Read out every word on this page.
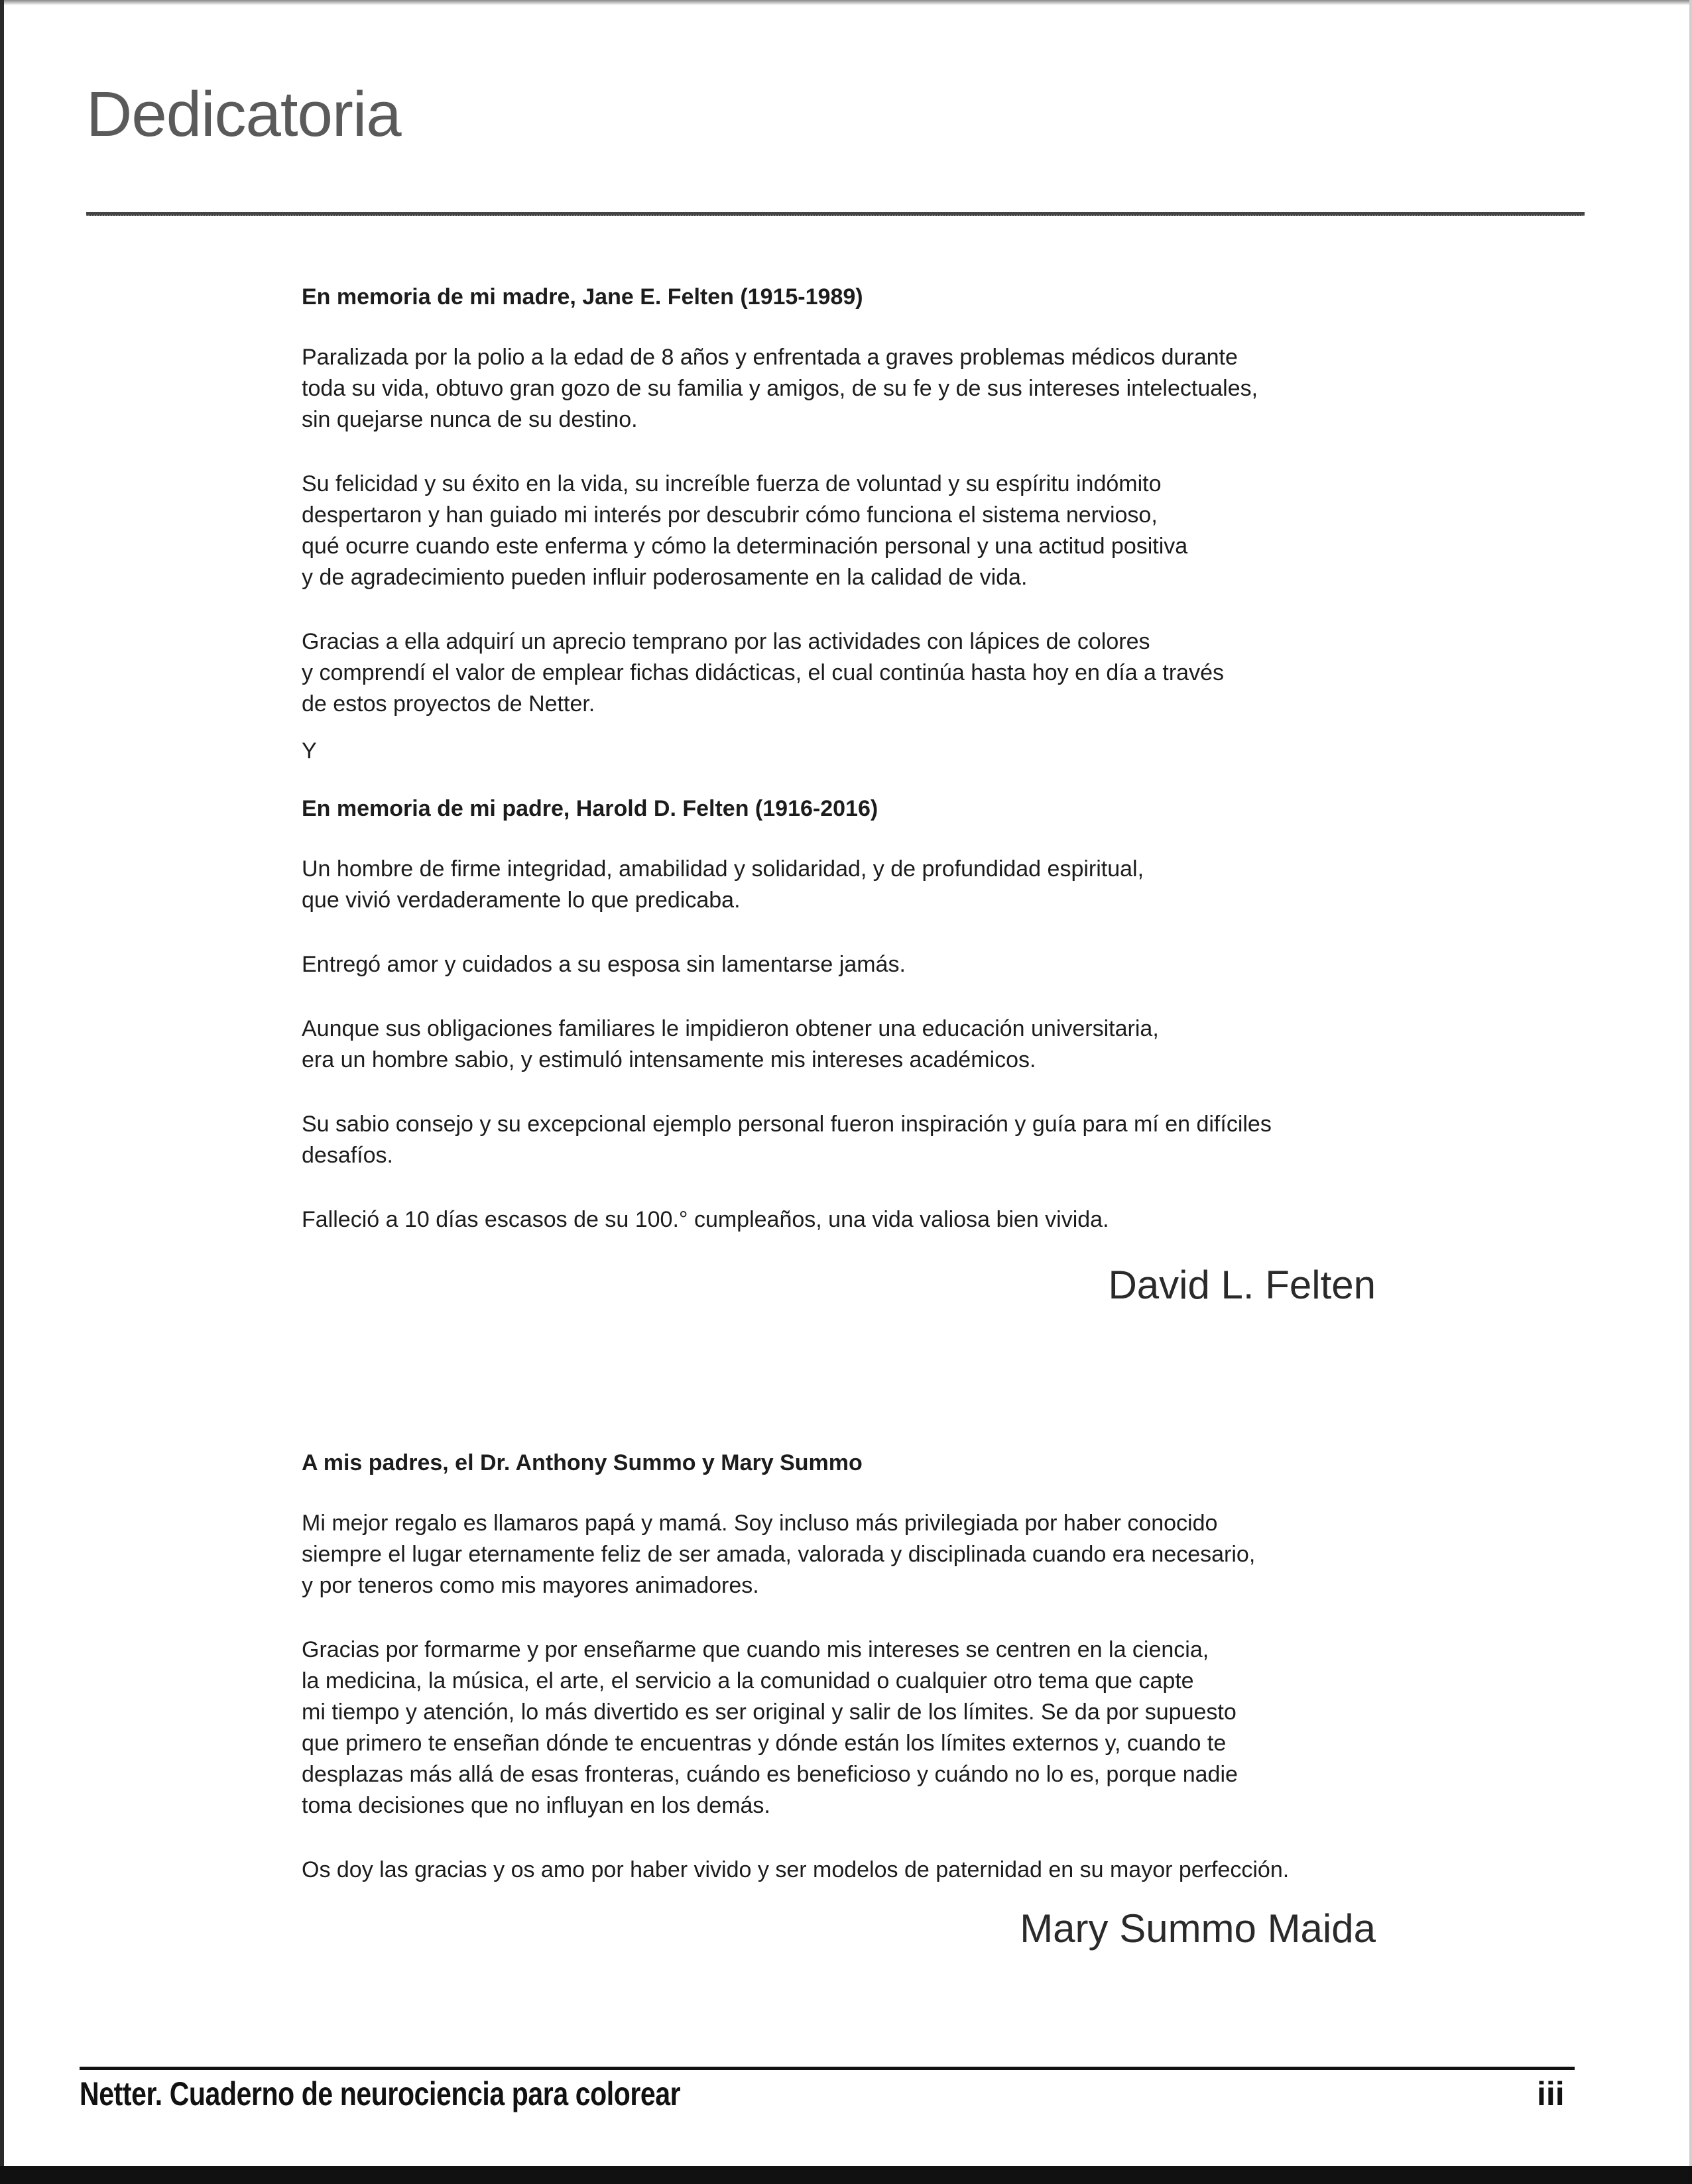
Dedicatoria

En memoria de mi madre, Jane E. Felten (1915-1989)

Paralizada por la polio a la edad de 8 años y enfrentada a graves problemas médicos durante
toda su vida, obtuvo gran gozo de su familia y amigos, de su fe y de sus intereses intelectuales,
sin quejarse nunca de su destino.

Su felicidad y su éxito en la vida, su increíble fuerza de voluntad y su espíritu indómito
despertaron y han guiado mi interés por descubrir cómo funciona el sistema nervioso,
qué ocurre cuando este enferma y cómo la determinación personal y una actitud positiva
y de agradecimiento pueden influir poderosamente en la calidad de vida.

Gracias a ella adquirí un aprecio temprano por las actividades con lápices de colores
y comprendí el valor de emplear fichas didácticas, el cual continúa hasta hoy en día a través
de estos proyectos de Netter.

Y

En memoria de mi padre, Harold D. Felten (1916-2016)

Un hombre de firme integridad, amabilidad y solidaridad, y de profundidad espiritual,
que vivió verdaderamente lo que predicaba.

Entregó amor y cuidados a su esposa sin lamentarse jamás.

Aunque sus obligaciones familiares le impidieron obtener una educación universitaria,
era un hombre sabio, y estimuló intensamente mis intereses académicos.

Su sabio consejo y su excepcional ejemplo personal fueron inspiración y guía para mí en difíciles
desafíos.

Falleció a 10 días escasos de su 100.° cumpleaños, una vida valiosa bien vivida.

David L. Felten

A mis padres, el Dr. Anthony Summo y Mary Summo

Mi mejor regalo es llamaros papá y mamá. Soy incluso más privilegiada por haber conocido
siempre el lugar eternamente feliz de ser amada, valorada y disciplinada cuando era necesario,
y por teneros como mis mayores animadores.

Gracias por formarme y por enseñarme que cuando mis intereses se centren en la ciencia,
la medicina, la música, el arte, el servicio a la comunidad o cualquier otro tema que capte
mi tiempo y atención, lo más divertido es ser original y salir de los límites. Se da por supuesto
que primero te enseñan dónde te encuentras y dónde están los límites externos y, cuando te
desplazas más allá de esas fronteras, cuándo es beneficioso y cuándo no lo es, porque nadie
toma decisiones que no influyan en los demás.

Os doy las gracias y os amo por haber vivido y ser modelos de paternidad en su mayor perfección.

Mary Summo Maida

Netter. Cuaderno de neurociencia para colorear	iii
